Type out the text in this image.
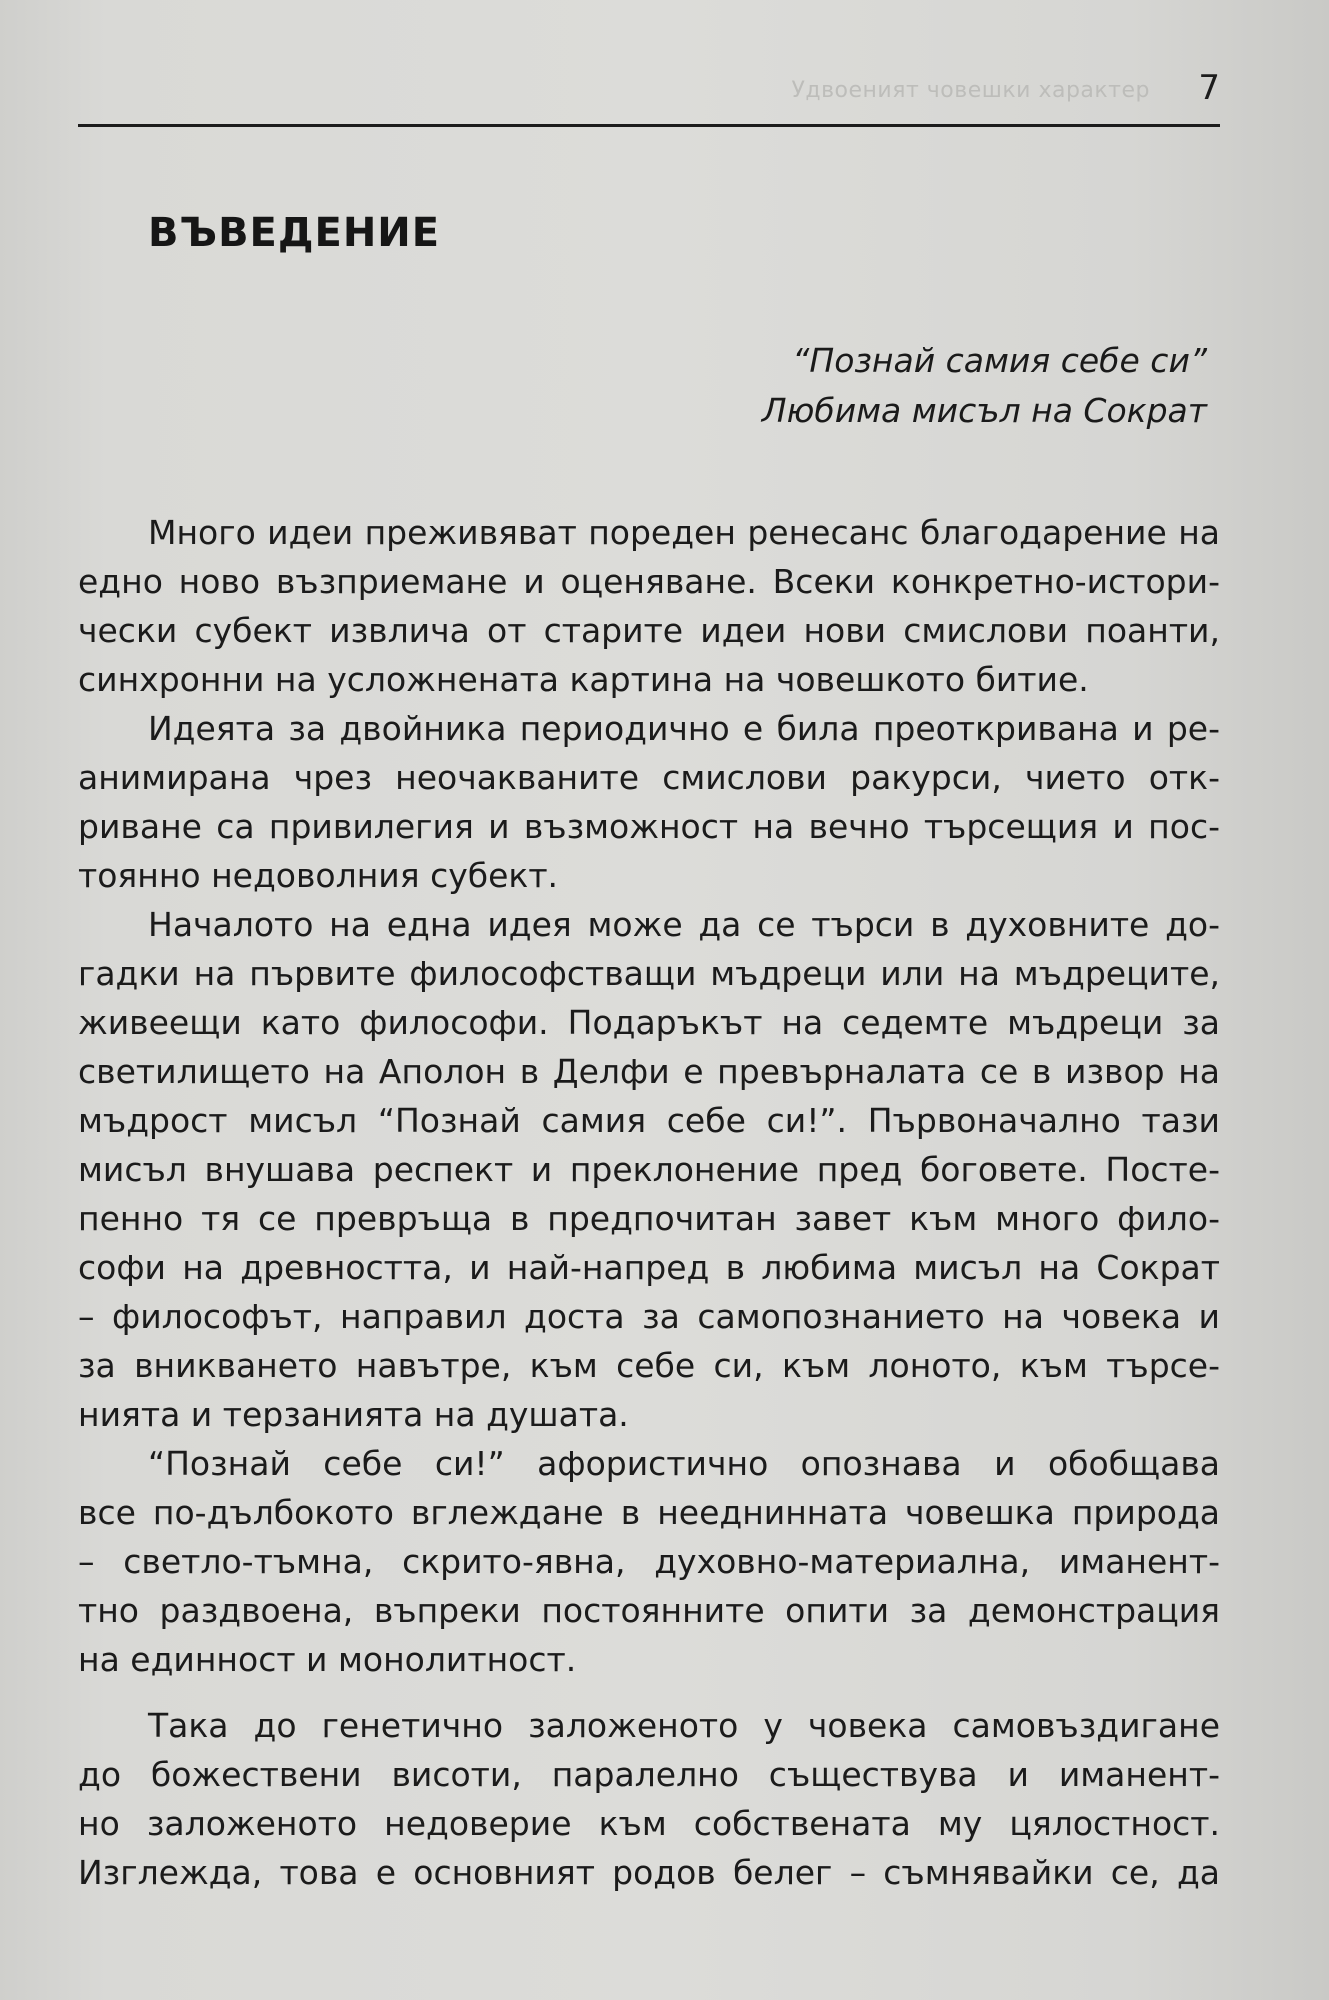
Удвоеният човешки характер 7
ВЪВЕДЕНИЕ
“Познай самия себе си”
Любима мисъл на Сократ

Много идеи преживяват пореден ренесанс благодарение на
едно ново възприемане и оценяване. Всеки конкретно-истори-
чески субект извлича от старите идеи нови смислови поанти,
синхронни на усложнената картина на човешкото битие.

Идеята за двойника периодично е била преоткривана и ре-
анимирана чрез неочакваните смислови ракурси, чието отк-
риване са привилегия и възможност на вечно търсещия и пос-
тоянно недоволния субект.

Началото на една идея може да се търси в духовните до-
гадки на първите философстващи мъдреци или на мъдреците,
живеещи като философи. Подаръкът на седемте мъдреци за
светилището на Аполон в Делфи е превърналата се в извор на
мъдрост мисъл “Познай самия себе си!”. Първоначално тази
мисъл внушава респект и преклонение пред боговете. Посте-
пенно тя се превръща в предпочитан завет към много фило-
софи на древността, и най-напред в любима мисъл на Сократ
– философът, направил доста за самопознанието на човека и
за вникването навътре, към себе си, към лоното, към търсе-
нията и терзанията на душата.

“Познай себе си!” афористично опознава и обобщава
все по-дълбокото вглеждане в нееднинната човешка природа
– светло-тъмна, скрито-явна, духовно-материална, иманент-
тно раздвоена, въпреки постоянните опити за демонстрация
на единност и монолитност.

Така до генетично заложеното у човека самовъздигане
до божествени висоти, паралелно съществува и иманент-
но заложеното недоверие към собствената му цялостност.
Изглежда, това е основният родов белег – съмнявайки се, да
